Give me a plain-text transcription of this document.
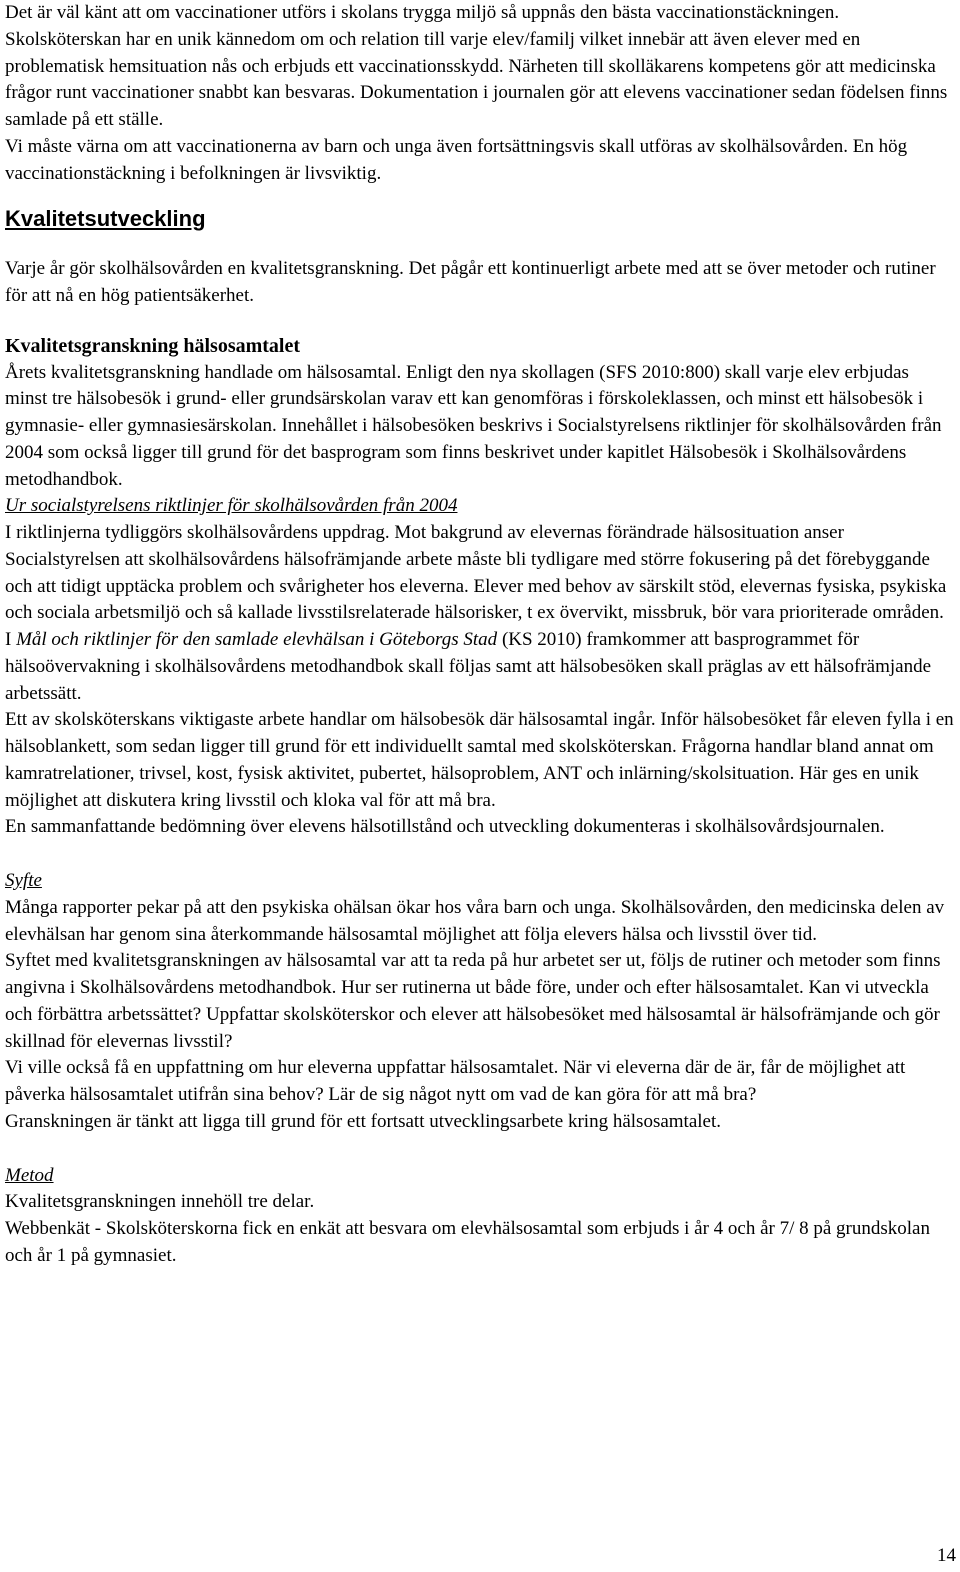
Det är väl känt att om vaccinationer utförs i skolans trygga miljö så uppnås den bästa vaccinationstäckningen. Skolsköterskan har en unik kännedom om och relation till varje elev/familj vilket innebär att även elever med en problematisk hemsituation nås och erbjuds ett vaccinationsskydd. Närheten till skolläkarens kompetens gör att medicinska frågor runt vaccinationer snabbt kan besvaras. Dokumentation i journalen gör att elevens vaccinationer sedan födelsen finns samlade på ett ställe.

Vi måste värna om att vaccinationerna av barn och unga även fortsättningsvis skall utföras av skolhälsovården. En hög vaccinationstäckning i befolkningen är livsviktig.

Kvalitetsutveckling

Varje år gör skolhälsovården en kvalitetsgranskning. Det pågår ett kontinuerligt arbete med att se över metoder och rutiner för att nå en hög patientsäkerhet.

Kvalitetsgranskning hälsosamtalet

Årets kvalitetsgranskning handlade om hälsosamtal. Enligt den nya skollagen (SFS 2010:800) skall varje elev erbjudas minst tre hälsobesök i grund- eller grundsärskolan varav ett kan genomföras i förskoleklassen, och minst ett hälsobesök i gymnasie- eller gymnasiesärskolan. Innehållet i hälsobesöken beskrivs i Socialstyrelsens riktlinjer för skolhälsovården från 2004 som också ligger till grund för det basprogram som finns beskrivet under kapitlet Hälsobesök i Skolhälsovårdens metodhandbok.

Ur socialstyrelsens riktlinjer för skolhälsovården från 2004

I riktlinjerna tydliggörs skolhälsovårdens uppdrag. Mot bakgrund av elevernas förändrade hälsosituation anser Socialstyrelsen att skolhälsovårdens hälsofrämjande arbete måste bli tydligare med större fokusering på det förebyggande och att tidigt upptäcka problem och svårigheter hos eleverna. Elever med behov av särskilt stöd, elevernas fysiska, psykiska och sociala arbetsmiljö och så kallade livsstilsrelaterade hälsorisker, t ex övervikt, missbruk, bör vara prioriterade områden.

I Mål och riktlinjer för den samlade elevhälsan i Göteborgs Stad (KS 2010) framkommer att basprogrammet för hälsoövervakning i skolhälsovårdens metodhandbok skall följas samt att hälsobesöken skall präglas av ett hälsofrämjande arbetssätt.

Ett av skolsköterskans viktigaste arbete handlar om hälsobesök där hälsosamtal ingår. Inför hälsobesöket får eleven fylla i en hälsoblankett, som sedan ligger till grund för ett individuellt samtal med skolsköterskan. Frågorna handlar bland annat om kamratrelationer, trivsel, kost, fysisk aktivitet, pubertet, hälsoproblem, ANT och inlärning/skolsituation. Här ges en unik möjlighet att diskutera kring livsstil och kloka val för att må bra.

En sammanfattande bedömning över elevens hälsotillstånd och utveckling dokumenteras i skolhälsovårdsjournalen.

Syfte

Många rapporter pekar på att den psykiska ohälsan ökar hos våra barn och unga. Skolhälsovården, den medicinska delen av elevhälsan har genom sina återkommande hälsosamtal möjlighet att följa elevers hälsa och livsstil över tid.

Syftet med kvalitetsgranskningen av hälsosamtal var att ta reda på hur arbetet ser ut, följs de rutiner och metoder som finns angivna i Skolhälsovårdens metodhandbok. Hur ser rutinerna ut både före, under och efter hälsosamtalet. Kan vi utveckla och förbättra arbetssättet? Uppfattar skolsköterskor och elever att hälsobesöket med hälsosamtal är hälsofrämjande och gör skillnad för elevernas livsstil?

Vi ville också få en uppfattning om hur eleverna uppfattar hälsosamtalet. När vi eleverna där de är, får de möjlighet att påverka hälsosamtalet utifrån sina behov? Lär de sig något nytt om vad de kan göra för att må bra?

Granskningen är tänkt att ligga till grund för ett fortsatt utvecklingsarbete kring hälsosamtalet.

Metod

Kvalitetsgranskningen innehöll tre delar.

Webbenkät - Skolsköterskorna fick en enkät att besvara om elevhälsosamtal som erbjuds i år 4 och år 7/ 8 på grundskolan och år 1 på gymnasiet.

14
